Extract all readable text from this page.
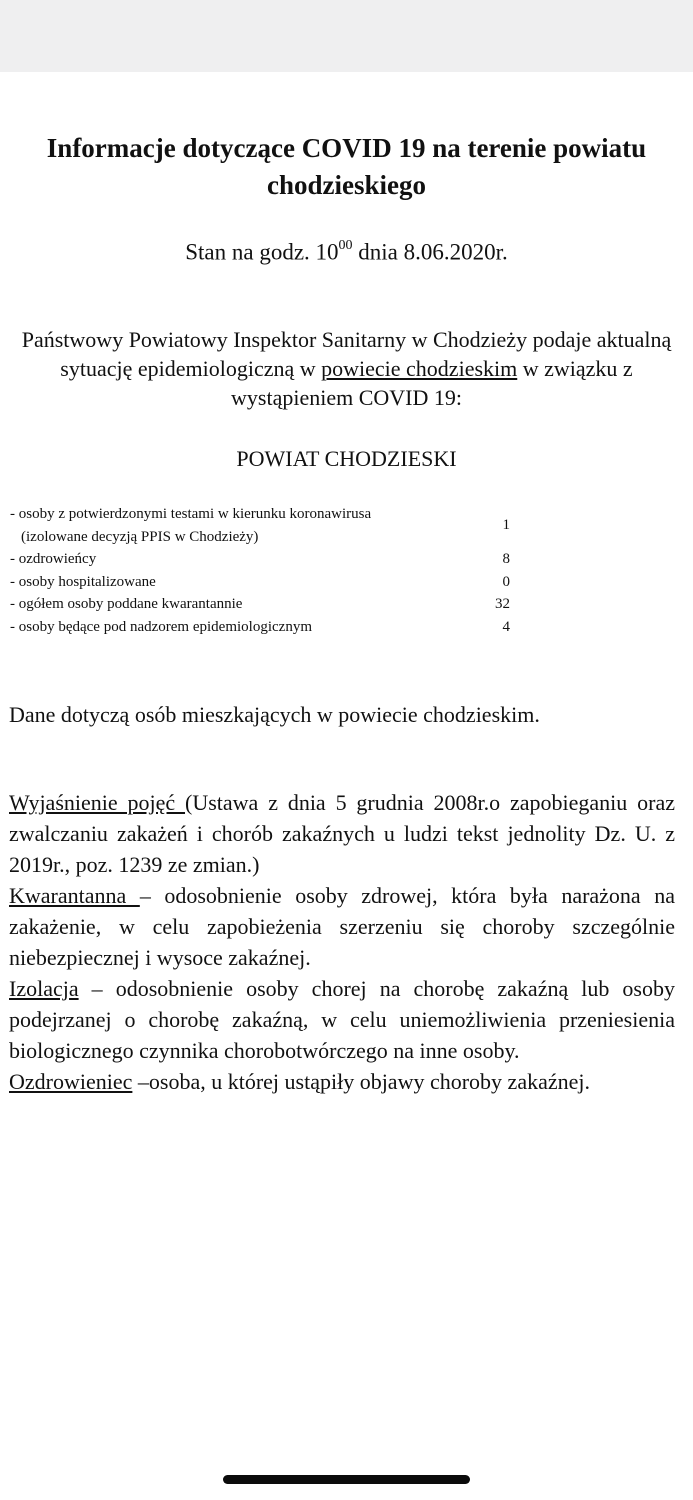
Informacje dotyczące COVID 19 na terenie powiatu chodzieskiego
Stan na godz. $10^{00}$ dnia 8.06.2020r.
Państwowy Powiatowy Inspektor Sanitarny w Chodzieży podaje aktualną sytuację epidemiologiczną w powiecie chodzieskim w związku z wystąpieniem COVID 19:
POWIAT CHODZIESKI
- osoby z potwierdzonymi testami w kierunku koronawirusa
(izolowane decyzją PPIS w Chodzieży)
1
- ozdrowieńcy	8
- osoby hospitalizowane	0
- ogółem osoby poddane kwarantannie	32
- osoby będące pod nadzorem epidemiologicznym	4
Dane dotyczą osób mieszkających w powiecie chodzieskim.

Wyjaśnienie pojęć (Ustawa z dnia 5 grudnia 2008r.o zapobieganiu oraz zwalczaniu zakażeń i chorób zakaźnych u ludzi tekst jednolity Dz. U. z 2019r., poz. 1239 ze zmian.)

Kwarantanna – odosobnienie osoby zdrowej, która była narażona na zakażenie, w celu zapobieżenia szerzeniu się choroby szczególnie niebezpiecznej i wysoce zakaźnej.

Izolacja – odosobnienie osoby chorej na chorobę zakaźną lub osoby podejrzanej o chorobę zakaźną, w celu uniemożliwienia przeniesienia biologicznego czynnika chorobotwórczego na inne osoby.

Ozdrowieniec –osoba, u której ustąpiły objawy choroby zakaźnej.
